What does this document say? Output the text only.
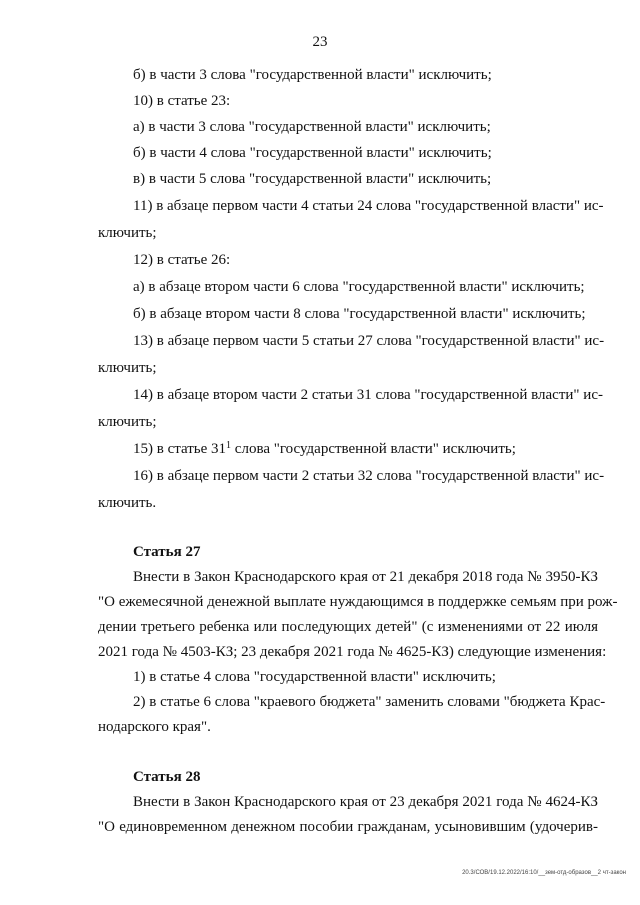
23
б) в части 3 слова "государственной власти" исключить;
10) в статье 23:
а) в части 3 слова "государственной власти" исключить;
б) в части 4 слова "государственной власти" исключить;
в) в части 5 слова "государственной власти" исключить;
11) в абзаце первом части 4 статьи 24 слова "государственной власти" ис-
ключить;
12) в статье 26:
а) в абзаце втором части 6 слова "государственной власти" исключить;
б) в абзаце втором части 8 слова "государственной власти" исключить;
13) в абзаце первом части 5 статьи 27 слова "государственной власти" ис-
ключить;
14) в абзаце втором части 2 статьи 31 слова "государственной власти" ис-
ключить;
15) в статье $31^1$ слова "государственной власти" исключить;
16) в абзаце первом части 2 статьи 32 слова "государственной власти" ис-
ключить.
Статья 27
Внести в Закон Краснодарского края от 21 декабря 2018 года № 3950-КЗ
"О ежемесячной денежной выплате нуждающимся в поддержке семьям при рож-
дении третьего ребенка или последующих детей" (с изменениями от 22 июля
2021 года № 4503-КЗ; 23 декабря 2021 года № 4625-КЗ) следующие изменения:
1) в статье 4 слова "государственной власти" исключить;
2) в статье 6 слова "краевого бюджета" заменить словами "бюджета Крас-
нодарского края".
Статья 28
Внести в Закон Краснодарского края от 23 декабря 2021 года № 4624-КЗ
"О единовременном денежном пособии гражданам, усыновившим (удочерив-
20.3/СОВ/19.12.2022/16:10/__зем-отд-образов__2 чт-закон
